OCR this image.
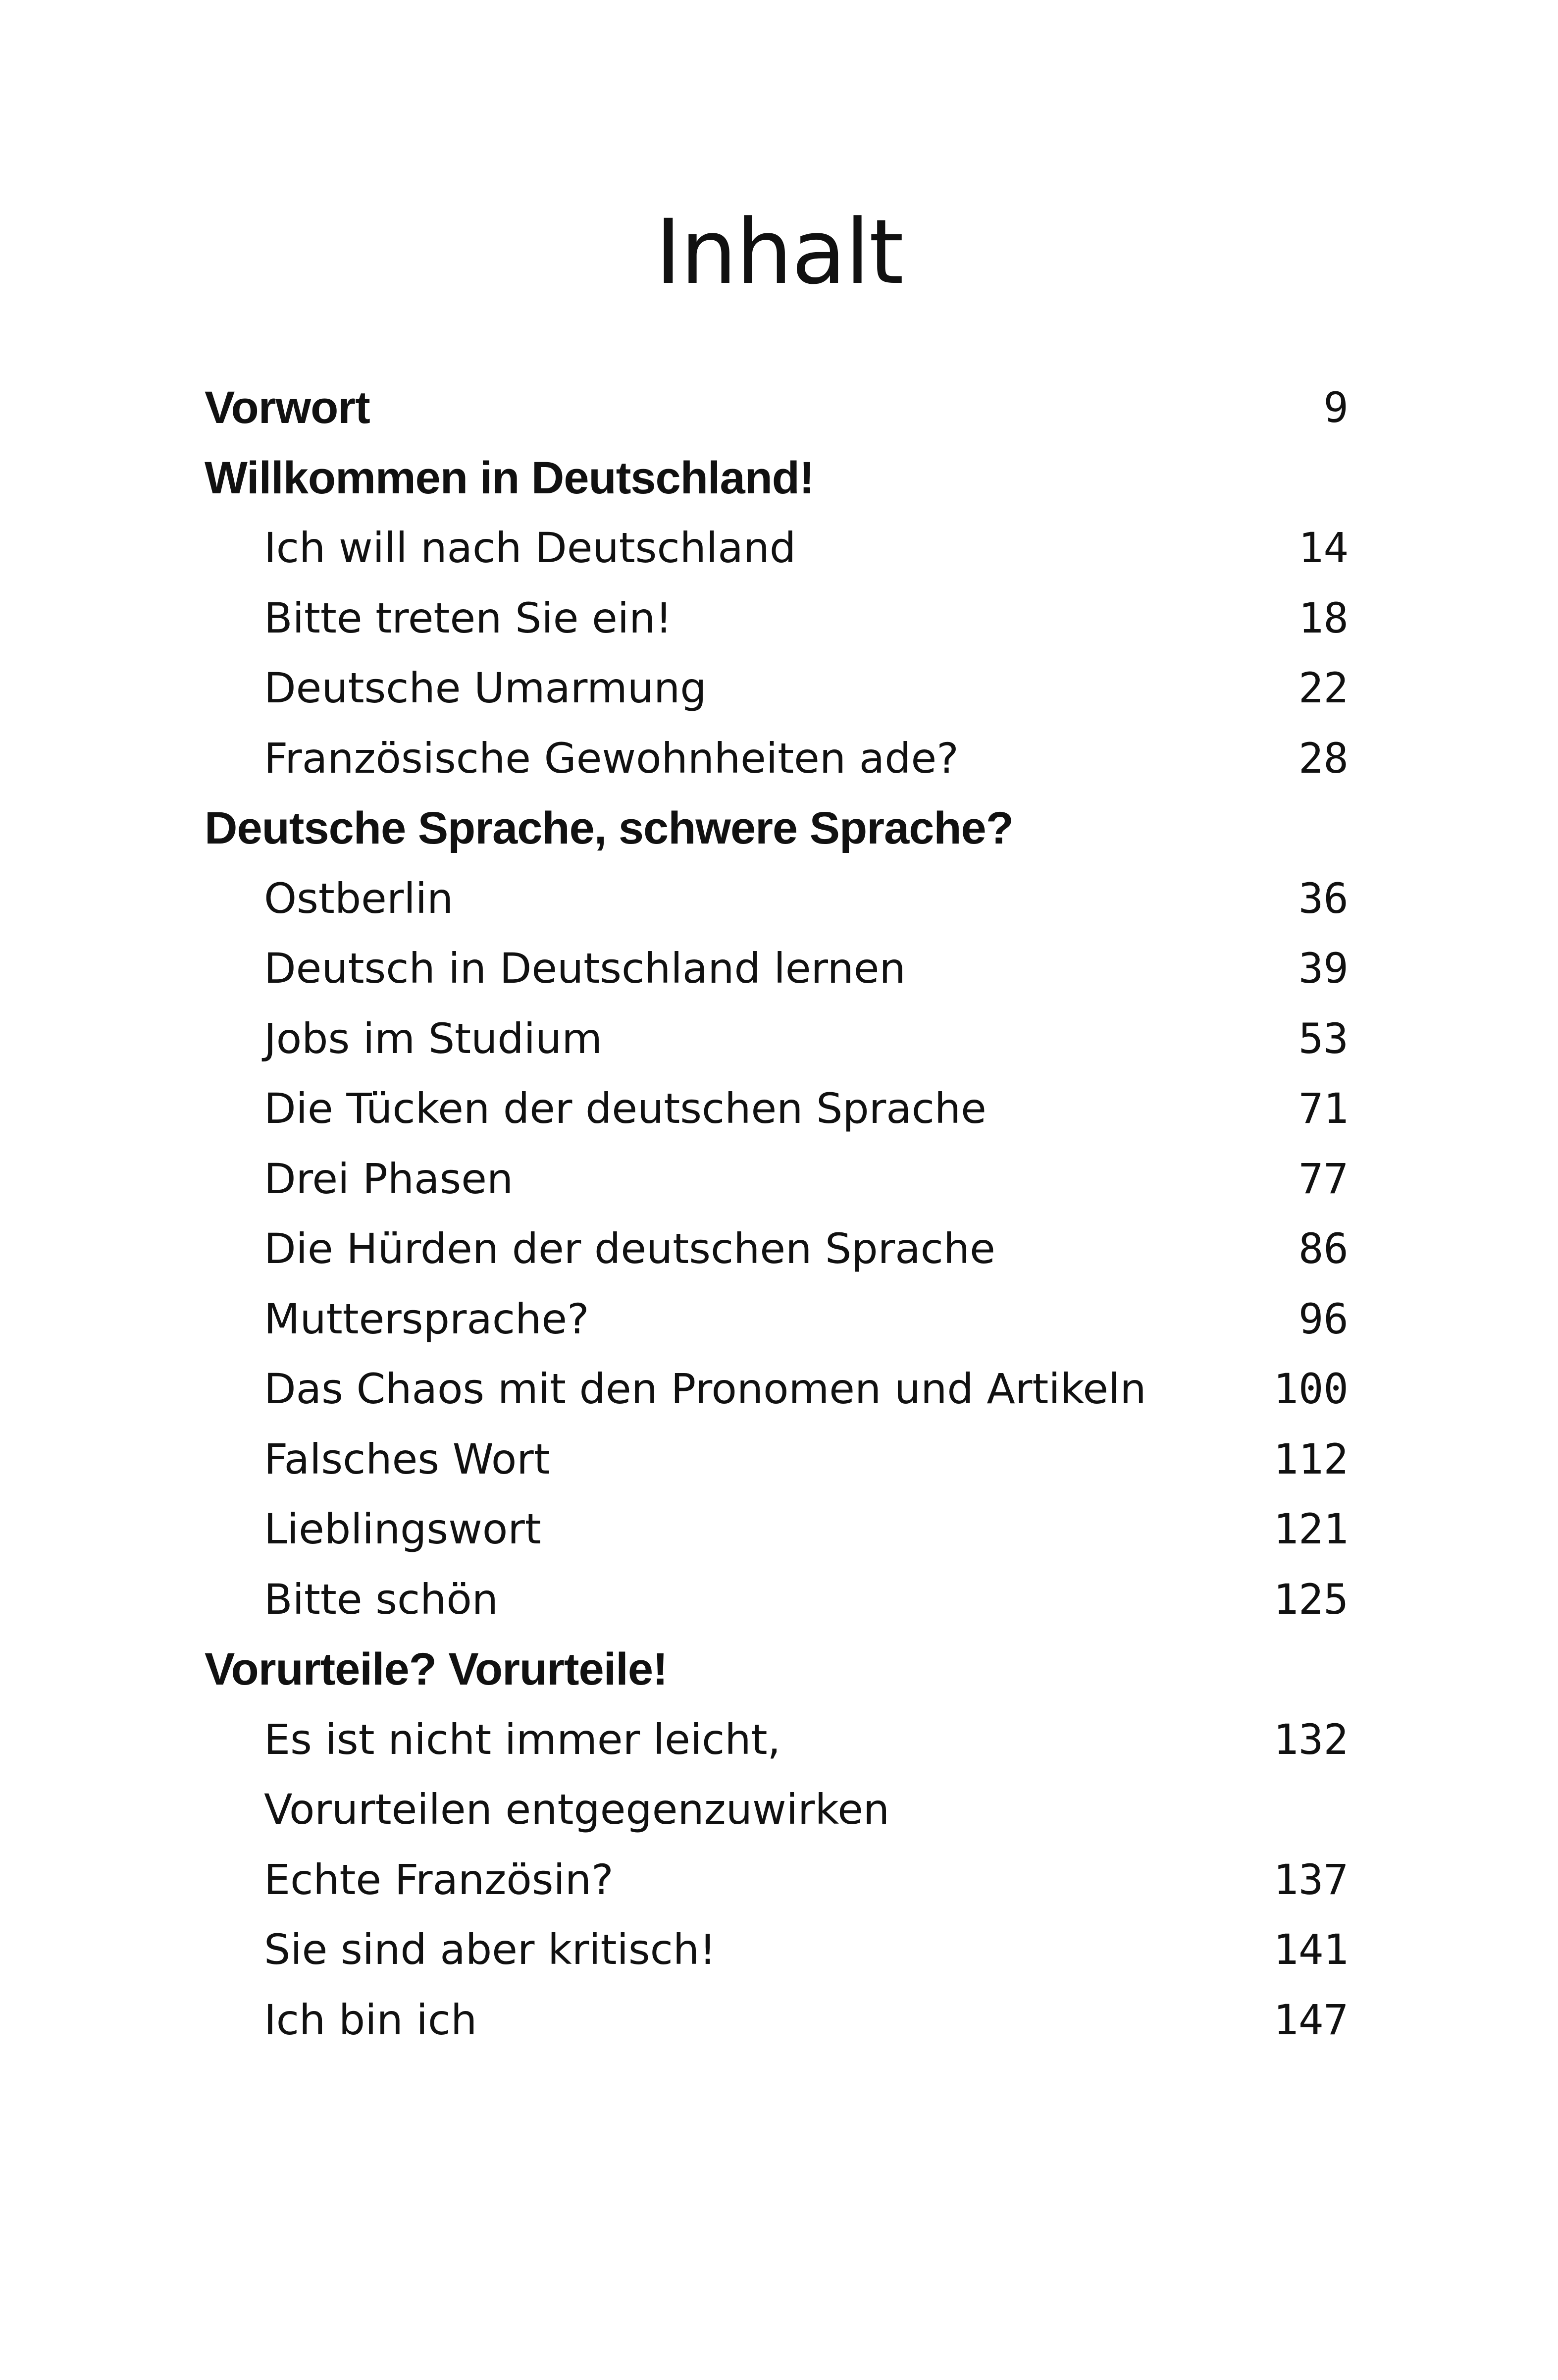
Inhalt
Vorwort	9
Willkommen in Deutschland!
Ich will nach Deutschland	14
Bitte treten Sie ein!	18
Deutsche Umarmung	22
Französische Gewohnheiten ade?	28
Deutsche Sprache, schwere Sprache?
Ostberlin	36
Deutsch in Deutschland lernen	39
Jobs im Studium	53
Die Tücken der deutschen Sprache	71
Drei Phasen	77
Die Hürden der deutschen Sprache	86
Muttersprache?	96
Das Chaos mit den Pronomen und Artikeln	100
Falsches Wort	112
Lieblingswort	121
Bitte schön	125
Vorurteile? Vorurteile!
Es ist nicht immer leicht,	132
Vorurteilen entgegenzuwirken
Echte Französin?	137
Sie sind aber kritisch!	141
Ich bin ich	147
